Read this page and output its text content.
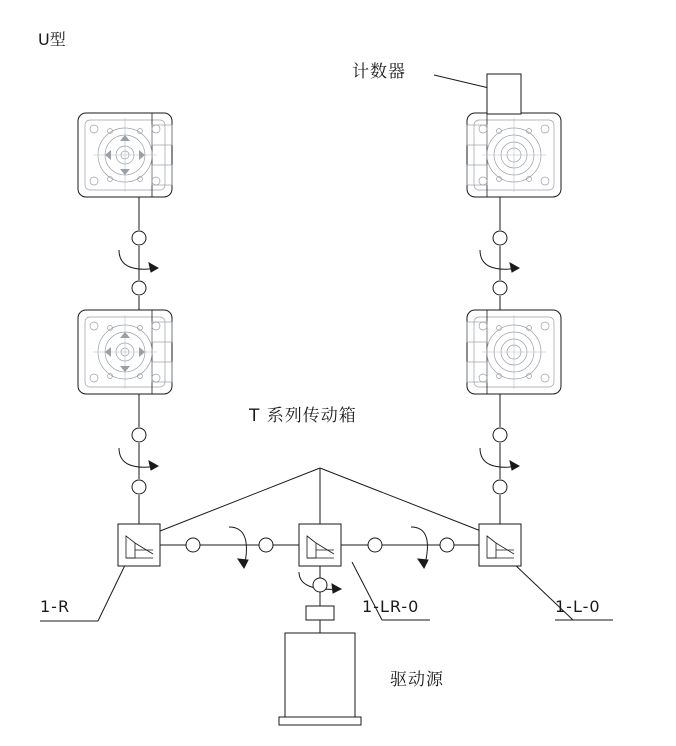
U型
计数器
T 系列传动箱
驱动源
1-R	1-LR-0	1-L-0
